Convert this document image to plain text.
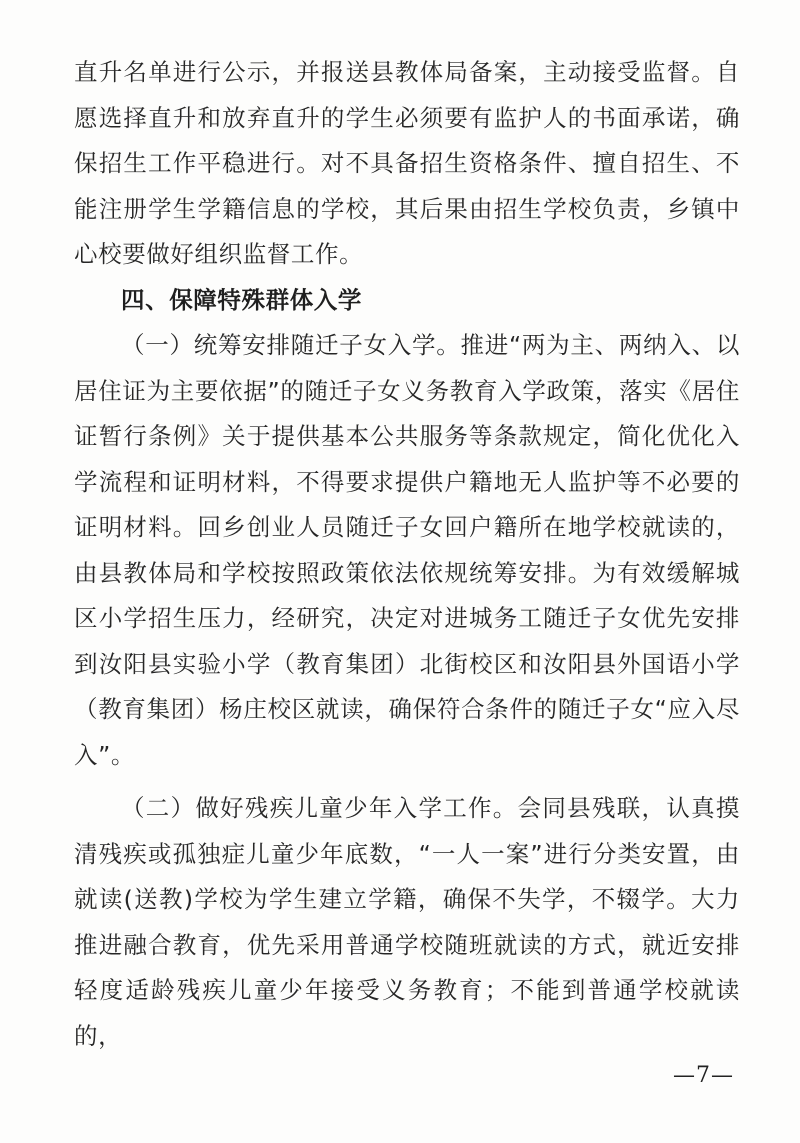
直升名单进行公示，并报送县教体局备案，主动接受监督。自愿选择直升和放弃直升的学生必须要有监护人的书面承诺，确保招生工作平稳进行。对不具备招生资格条件、擅自招生、不能注册学生学籍信息的学校，其后果由招生学校负责，乡镇中心校要做好组织监督工作。

四、保障特殊群体入学

（一）统筹安排随迁子女入学。推进“两为主、两纳入、以居住证为主要依据”的随迁子女义务教育入学政策，落实《居住证暂行条例》关于提供基本公共服务等条款规定，简化优化入学流程和证明材料，不得要求提供户籍地无人监护等不必要的证明材料。回乡创业人员随迁子女回户籍所在地学校就读的，由县教体局和学校按照政策依法依规统筹安排。为有效缓解城区小学招生压力，经研究，决定对进城务工随迁子女优先安排到汝阳县实验小学（教育集团）北街校区和汝阳县外国语小学（教育集团）杨庄校区就读，确保符合条件的随迁子女“应入尽入”。

（二）做好残疾儿童少年入学工作。会同县残联，认真摸清残疾或孤独症儿童少年底数，“一人一案”进行分类安置，由就读(送教)学校为学生建立学籍，确保不失学，不辍学。大力推进融合教育，优先采用普通学校随班就读的方式，就近安排轻度适龄残疾儿童少年接受义务教育；不能到普通学校就读的，

—7—
